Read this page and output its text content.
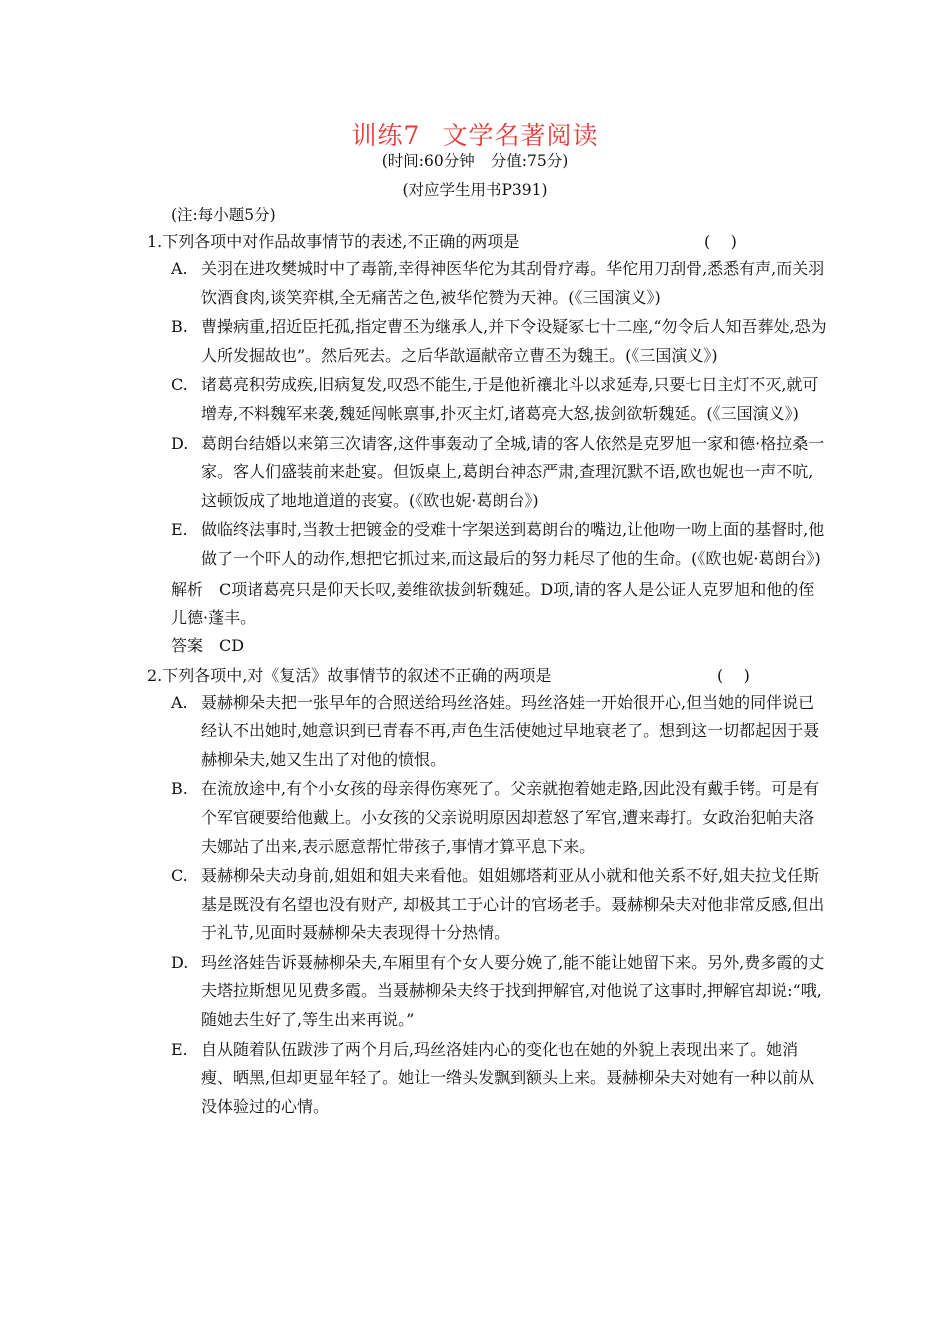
训练7 文学名著阅读
(时间:60分钟 分值:75分)
(对应学生用书P391)
(注:每小题5分)
1.下列各项中对作品故事情节的表述,不正确的两项是	(    )
A. 关羽在进攻樊城时中了毒箭,幸得神医华佗为其刮骨疗毒。华佗用刀刮骨,悉悉有声,而关羽饮酒食肉,谈笑弈棋,全无痛苦之色,被华佗赞为天神。(《三国演义》)
B. 曹操病重,招近臣托孤,指定曹丕为继承人,并下令设疑冢七十二座,“勿令后人知吾葬处,恐为人所发掘故也”。然后死去。之后华歆逼献帝立曹丕为魏王。(《三国演义》)
C. 诸葛亮积劳成疾,旧病复发,叹恐不能生,于是他祈禳北斗以求延寿,只要七日主灯不灭,就可增寿,不料魏军来袭,魏延闯帐禀事,扑灭主灯,诸葛亮大怒,拔剑欲斩魏延。(《三国演义》)
D. 葛朗台结婚以来第三次请客,这件事轰动了全城,请的客人依然是克罗旭一家和德·格拉桑一家。客人们盛装前来赴宴。但饭桌上,葛朗台神态严肃,查理沉默不语,欧也妮也一声不吭,这顿饭成了地地道道的丧宴。(《欧也妮·葛朗台》)
E. 做临终法事时,当教士把镀金的受难十字架送到葛朗台的嘴边,让他吻一吻上面的基督时,他做了一个吓人的动作,想把它抓过来,而这最后的努力耗尽了他的生命。(《欧也妮·葛朗台》)
解析 C项诸葛亮只是仰天长叹,姜维欲拔剑斩魏延。D项,请的客人是公证人克罗旭和他的侄儿德·蓬丰。
答案 CD
2.下列各项中,对《复活》故事情节的叙述不正确的两项是	(    )
A. 聂赫柳朵夫把一张早年的合照送给玛丝洛娃。玛丝洛娃一开始很开心,但当她的同伴说已经认不出她时,她意识到已青春不再,声色生活使她过早地衰老了。想到这一切都起因于聂赫柳朵夫,她又生出了对他的愤恨。
B. 在流放途中,有个小女孩的母亲得伤寒死了。父亲就抱着她走路,因此没有戴手铐。可是有个军官硬要给他戴上。小女孩的父亲说明原因却惹怒了军官,遭来毒打。女政治犯帕夫洛夫娜站了出来,表示愿意帮忙带孩子,事情才算平息下来。
C. 聂赫柳朵夫动身前,姐姐和姐夫来看他。姐姐娜塔莉亚从小就和他关系不好,姐夫拉戈任斯基是既没有名望也没有财产, 却极其工于心计的官场老手。聂赫柳朵夫对他非常反感,但出于礼节,见面时聂赫柳朵夫表现得十分热情。
D. 玛丝洛娃告诉聂赫柳朵夫,车厢里有个女人要分娩了,能不能让她留下来。另外,费多霞的丈夫塔拉斯想见见费多霞。当聂赫柳朵夫终于找到押解官,对他说了这事时,押解官却说:“哦,随她去生好了,等生出来再说。”
E. 自从随着队伍跋涉了两个月后,玛丝洛娃内心的变化也在她的外貌上表现出来了。她消瘦、晒黑,但却更显年轻了。她让一绺头发飘到额头上来。聂赫柳朵夫对她有一种以前从没体验过的心情。
